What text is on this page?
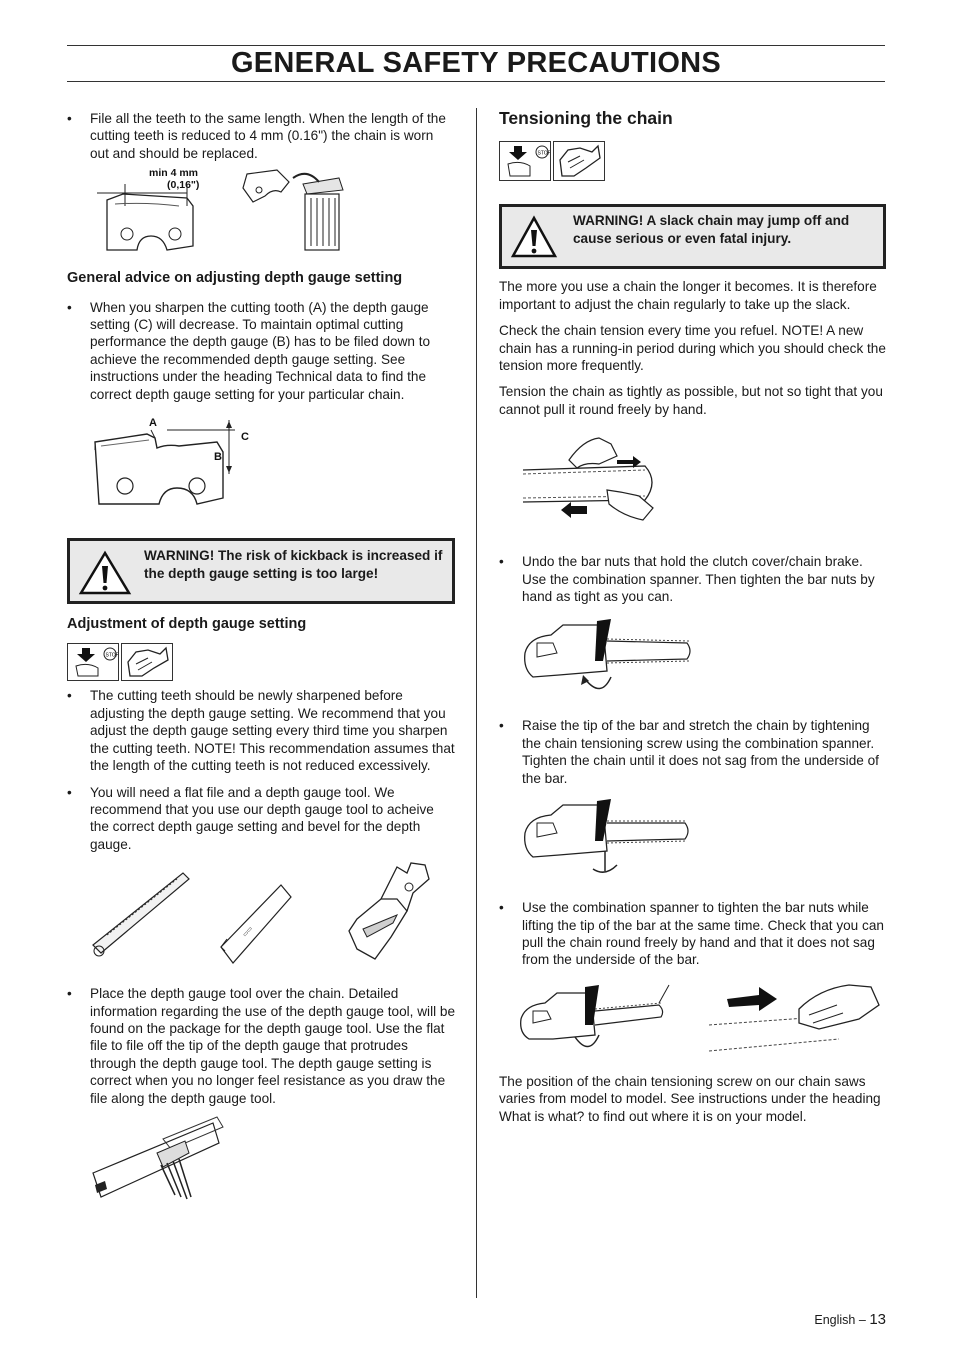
GENERAL SAFETY PRECAUTIONS

• File all the teeth to the same length. When the length of the cutting teeth is reduced to 4 mm (0.16") the chain is worn out and should be replaced.

min 4 mm
(0,16")
General advice on adjusting depth gauge setting

• When you sharpen the cutting tooth (A) the depth gauge setting (C) will decrease. To maintain optimal cutting performance the depth gauge (B) has to be filed down to achieve the recommended depth gauge setting. See instructions under the heading Technical data to find the correct depth gauge setting for your particular chain.

A
B
C

WARNING! The risk of kickback is increased if the depth gauge setting is too large!

Adjustment of depth gauge setting
STOP

• The cutting teeth should be newly sharpened before adjusting the depth gauge setting. We recommend that you adjust the depth gauge setting every third time you sharpen the cutting teeth. NOTE! This recommendation assumes that the length of the cutting teeth is not reduced excessively.

• You will need a flat file and a depth gauge tool. We recommend that you use our depth gauge tool to acheive the correct depth gauge setting and bevel for the depth gauge.

▭▭

• Place the depth gauge tool over the chain. Detailed information regarding the use of the depth gauge tool, will be found on the package for the depth gauge tool. Use the flat file to file off the tip of the depth gauge that protrudes through the depth gauge tool. The depth gauge setting is correct when you no longer feel resistance as you draw the file along the depth gauge tool.

Tensioning the chain
STOP

WARNING! A slack chain may jump off and cause serious or even fatal injury.

The more you use a chain the longer it becomes. It is therefore important to adjust the chain regularly to take up the slack.

Check the chain tension every time you refuel. NOTE! A new chain has a running-in period during which you should check the tension more frequently.

Tension the chain as tightly as possible, but not so tight that you cannot pull it round freely by hand.

• Undo the bar nuts that hold the clutch cover/chain brake. Use the combination spanner. Then tighten the bar nuts by hand as tight as you can.

• Raise the tip of the bar and stretch the chain by tightening the chain tensioning screw using the combination spanner. Tighten the chain until it does not sag from the underside of the bar.

• Use the combination spanner to tighten the bar nuts while lifting the tip of the bar at the same time. Check that you can pull the chain round freely by hand and that it does not sag from the underside of the bar.

The position of the chain tensioning screw on our chain saws varies from model to model. See instructions under the heading What is what? to find out where it is on your model.

English – 13
